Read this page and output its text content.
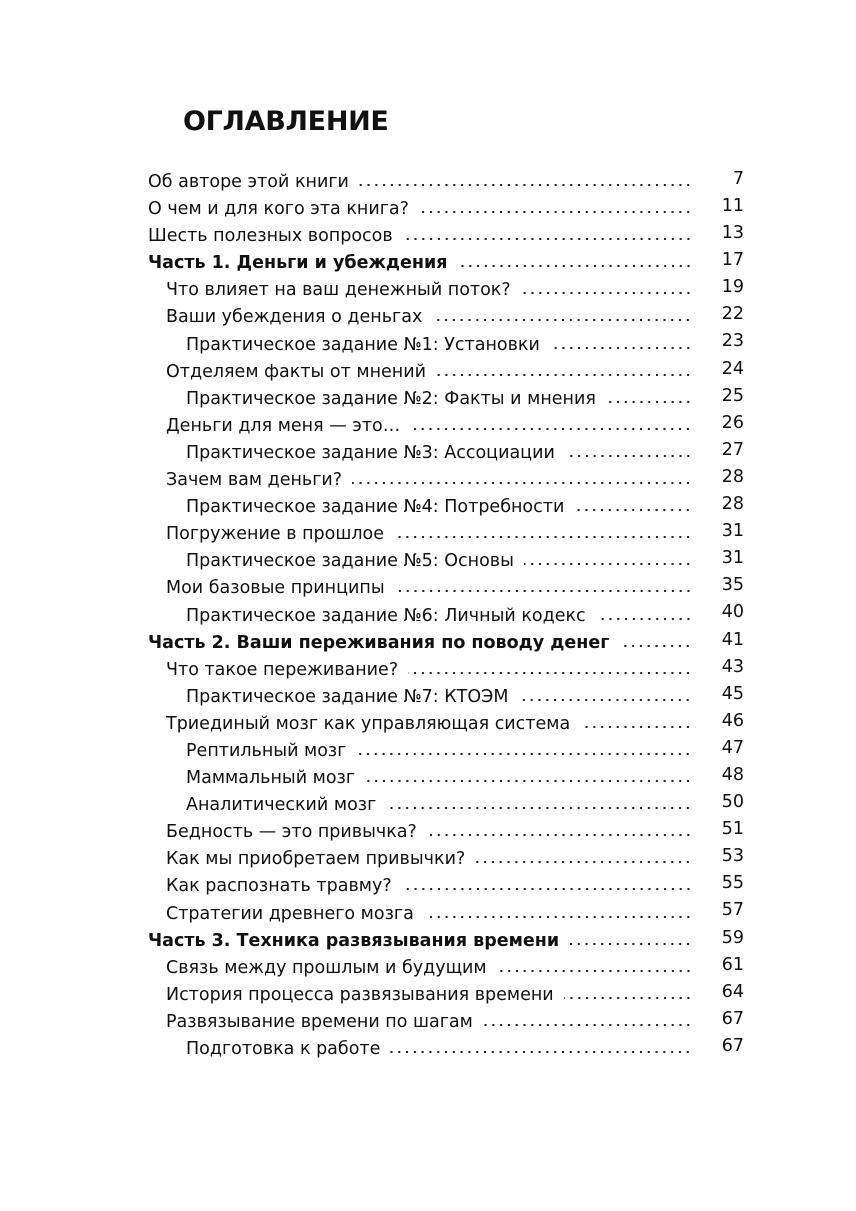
ОГЛАВЛЕНИЕ
Об авторе этой книги	7
О чем и для кого эта книга?	11
Шесть полезных вопросов	13
Часть 1. Деньги и убеждения	17
Что влияет на ваш денежный поток?	19
Ваши убеждения о деньгах	22
Практическое задание №1: Установки	23
Отделяем факты от мнений	24
Практическое задание №2: Факты и мнения	25
Деньги для меня — это…	26
Практическое задание №3: Ассоциации	27
Зачем вам деньги?	28
Практическое задание №4: Потребности	28
Погружение в прошлое	31
Практическое задание №5: Основы	31
Мои базовые принципы	35
Практическое задание №6: Личный кодекс	40
Часть 2. Ваши переживания по поводу денег	41
Что такое переживание?	43
Практическое задание №7: КТОЭМ	45
Триединый мозг как управляющая система	46
Рептильный мозг	47
Маммальный мозг	48
Аналитический мозг	50
Бедность — это привычка?	51
Как мы приобретаем привычки?	53
Как распознать травму?	55
Стратегии древнего мозга	57
Часть 3. Техника развязывания времени	59
Связь между прошлым и будущим	61
История процесса развязывания времени	64
Развязывание времени по шагам	67
Подготовка к работе	67
